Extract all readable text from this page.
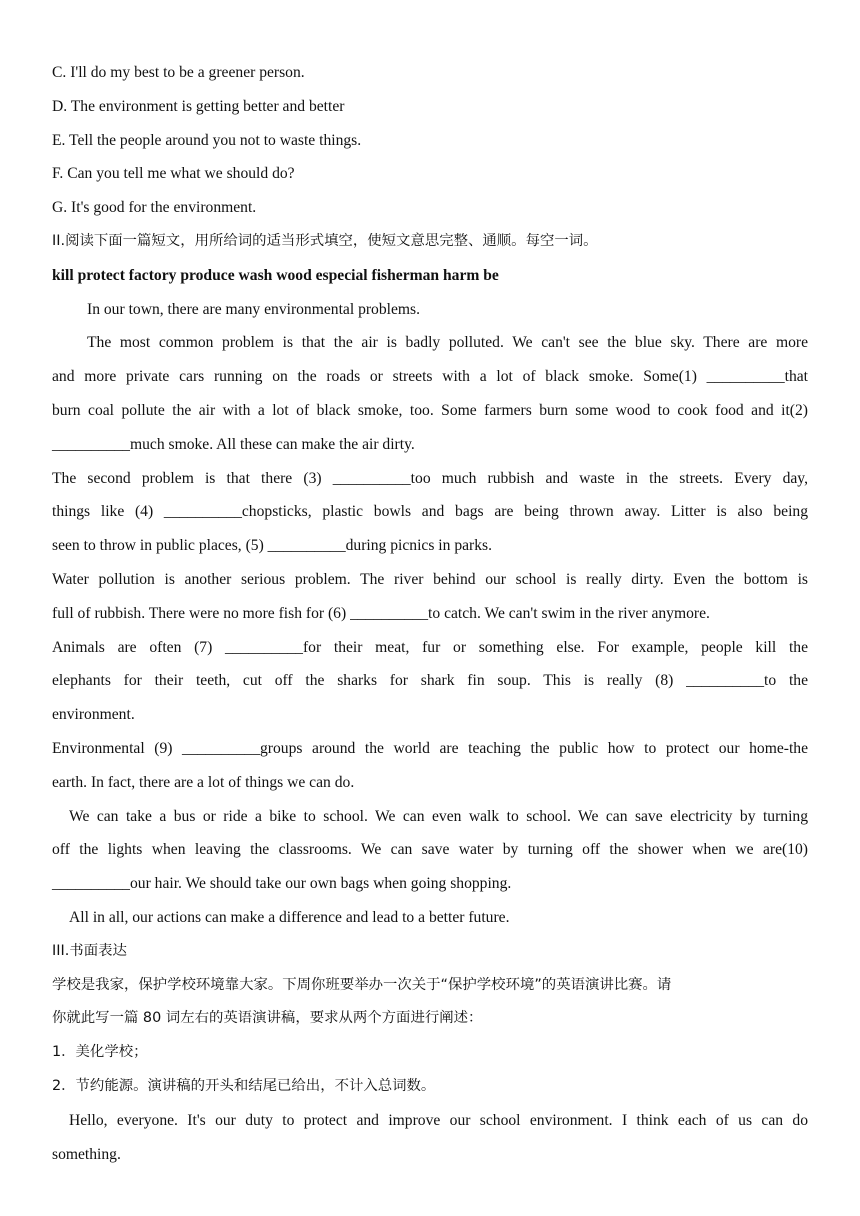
C. I'll do my best to be a greener person.

D. The environment is getting better and better

E. Tell the people around you not to waste things.

F. Can you tell me what we should do?

G. It's good for the environment.

II.阅读下面一篇短文，用所给词的适当形式填空，使短文意思完整、通顺。每空一词。

kill protect factory produce wash wood especial fisherman harm be

In our town, there are many environmental problems.

The most common problem is that the air is badly polluted. We can't see the blue sky. There are more

and more private cars running on the roads or streets with a lot of black smoke. Some(1) __________that

burn coal pollute the air with a lot of black smoke, too. Some farmers burn some wood to cook food and it(2)

__________much smoke. All these can make the air dirty.

The second problem is that there (3) __________too much rubbish and waste in the streets. Every day,

things like (4) __________chopsticks, plastic bowls and bags are being thrown away. Litter is also being

seen to throw in public places, (5) __________during picnics in parks.

Water pollution is another serious problem. The river behind our school is really dirty. Even the bottom is

full of rubbish. There were no more fish for (6) __________to catch. We can't swim in the river anymore.

Animals are often (7) __________for their meat, fur or something else. For example, people kill the

elephants for their teeth, cut off the sharks for shark fin soup. This is really (8) __________to the

environment.

Environmental (9) __________groups around the world are teaching the public how to protect our home-the

earth. In fact, there are a lot of things we can do.

We can take a bus or ride a bike to school. We can even walk to school. We can save electricity by turning

off the lights when leaving the classrooms. We can save water by turning off the shower when we are(10)

__________our hair. We should take our own bags when going shopping.

All in all, our actions can make a difference and lead to a better future.

III.书面表达

学校是我家，保护学校环境靠大家。下周你班要举办一次关于“保护学校环境”的英语演讲比赛。请

你就此写一篇 80 词左右的英语演讲稿，要求从两个方面进行阐述：

1．美化学校；

2．节约能源。演讲稿的开头和结尾已给出，不计入总词数。

Hello, everyone. It's our duty to protect and improve our school environment. I think each of us can do

something.
